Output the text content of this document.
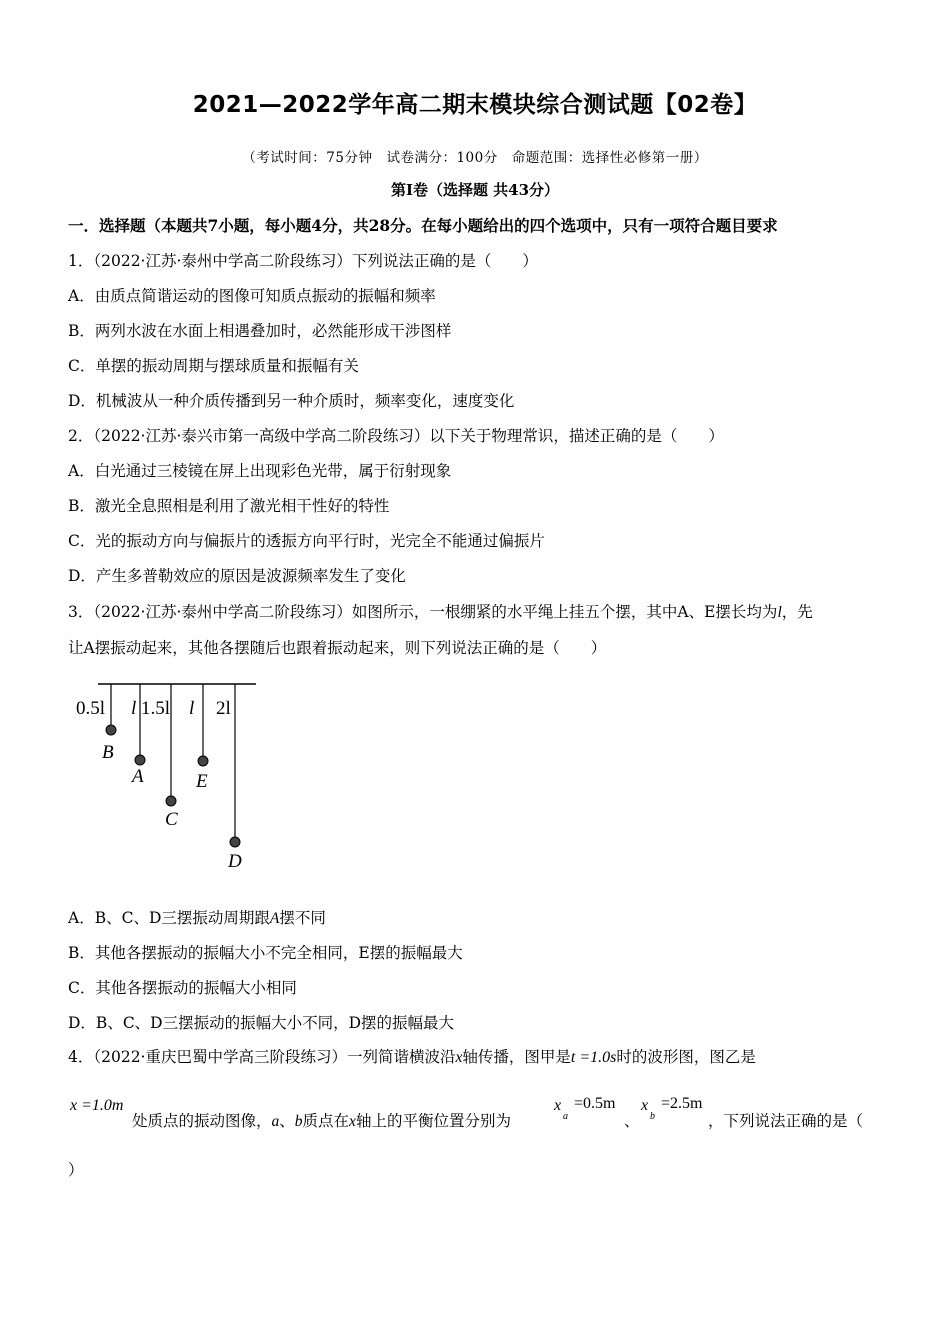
2021—2022学年高二期末模块综合测试题【02卷】
（考试时间：75分钟　试卷满分：100分　命题范围：选择性必修第一册）
第Ⅰ卷（选择题 共43分）
一．选择题（本题共7小题，每小题4分，共28分。在每小题给出的四个选项中，只有一项符合题目要求
1．（2022·江苏·泰州中学高二阶段练习）下列说法正确的是（　　）
A．由质点简谐运动的图像可知质点振动的振幅和频率
B．两列水波在水面上相遇叠加时，必然能形成干涉图样
C．单摆的振动周期与摆球质量和振幅有关
D．机械波从一种介质传播到另一种介质时，频率变化，速度变化
2．（2022·江苏·泰兴市第一高级中学高二阶段练习）以下关于物理常识，描述正确的是（　　）
A．白光通过三棱镜在屏上出现彩色光带，属于衍射现象
B．激光全息照相是利用了激光相干性好的特性
C．光的振动方向与偏振片的透振方向平行时，光完全不能通过偏振片
D．产生多普勒效应的原因是波源频率发生了变化
3．（2022·江苏·泰州中学高二阶段练习）如图所示，一根绷紧的水平绳上挂五个摆，其中A、E摆长均为l，先
让A摆振动起来，其他各摆随后也跟着振动起来，则下列说法正确的是（　　）
0.5l l 1.5l l 2l
B
A
C
E
D
A．B、C、D三摆振动周期跟A摆不同
B．其他各摆振动的振幅大小不完全相同，E摆的振幅最大
C．其他各摆振动的振幅大小相同
D．B、C、D三摆振动的振幅大小不同，D摆的振幅最大
4．（2022·重庆巴蜀中学高三阶段练习）一列简谐横波沿x轴传播，图甲是t =1.0s时的波形图，图乙是
x =1.0m
处质点的振动图像，a、b质点在x轴上的平衡位置分别为
x
a
=0.5m
、
x
b
=2.5m
，下列说法正确的是（
）
